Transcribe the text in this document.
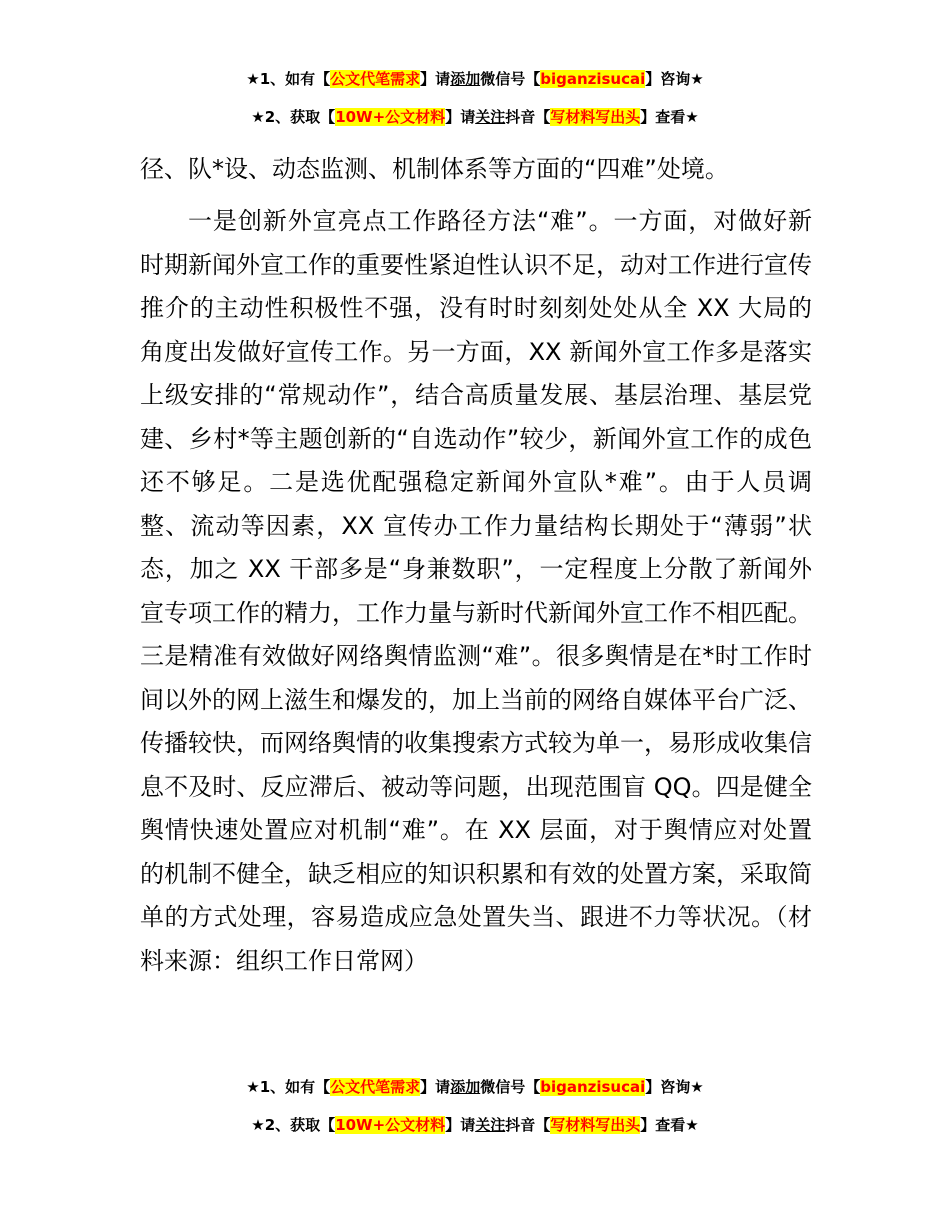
★1、如有【公文代笔需求】请添加微信号【biganzisucai】咨询★
★2、获取【10W+公文材料】请关注抖音【写材料写出头】查看★

径、队*设、动态监测、机制体系等方面的“四难”处境。

一是创新外宣亮点工作路径方法“难”。一方面，对做好新时期新闻外宣工作的重要性紧迫性认识不足，动对工作进行宣传推介的主动性积极性不强，没有时时刻刻处处从全 XX 大局的角度出发做好宣传工作。另一方面，XX 新闻外宣工作多是落实上级安排的“常规动作”，结合高质量发展、基层治理、基层党建、乡村*等主题创新的“自选动作”较少，新闻外宣工作的成色还不够足。二是选优配强稳定新闻外宣队*难”。由于人员调整、流动等因素，XX 宣传办工作力量结构长期处于“薄弱”状态，加之 XX 干部多是“身兼数职”，一定程度上分散了新闻外宣专项工作的精力，工作力量与新时代新闻外宣工作不相匹配。三是精准有效做好网络舆情监测“难”。很多舆情是在*时工作时间以外的网上滋生和爆发的，加上当前的网络自媒体平台广泛、传播较快，而网络舆情的收集搜索方式较为单一，易形成收集信息不及时、反应滞后、被动等问题，出现范围盲 QQ。四是健全舆情快速处置应对机制“难”。在 XX 层面，对于舆情应对处置的机制不健全，缺乏相应的知识积累和有效的处置方案，采取简单的方式处理，容易造成应急处置失当、跟进不力等状况。（材料来源：组织工作日常网）

★1、如有【公文代笔需求】请添加微信号【biganzisucai】咨询★
★2、获取【10W+公文材料】请关注抖音【写材料写出头】查看★
